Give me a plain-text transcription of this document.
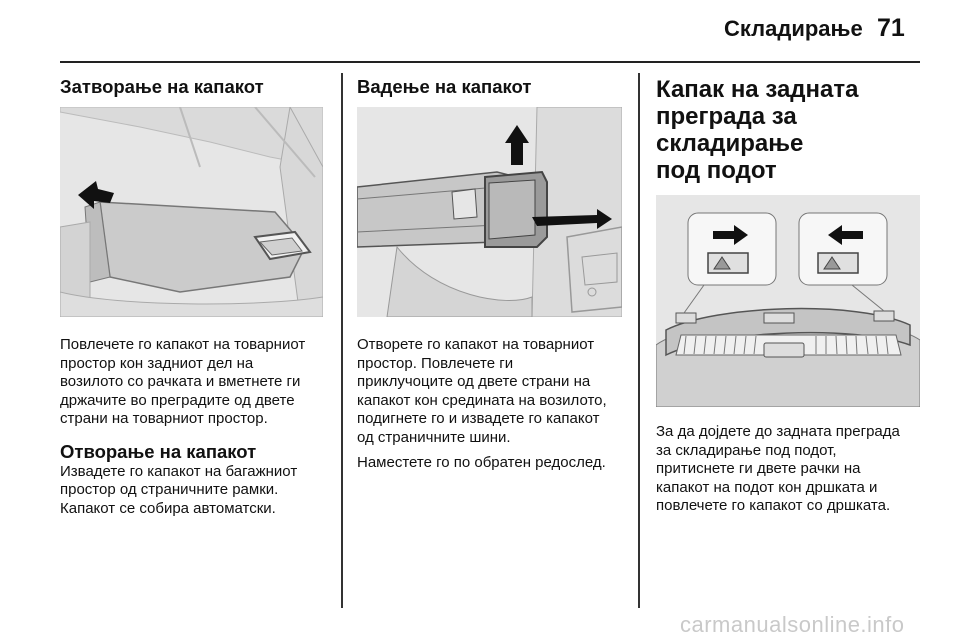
Складирање 71
Затворање на капакот
Повлечете го капакот на товарниот
простор кон задниот дел на
возилото со рачката и вметнете ги
држачите во преградите од двете
страни на товарниот простор.
Отворање на капакот
Извадете го капакот на багажниот
простор од страничните рамки.
Капакот се собира автоматски.
Вадење на капакот
Отворете го капакот на товарниот
простор. Повлечете ги
приклучоците од двете страни на
капакот кон средината на возилото,
подигнете го и извадете го капакот
од страничните шини.
Наместете го по обратен редослед.
Капак на задната
преграда за складирање
под подот
За да дојдете до задната преграда
за складирање под подот,
притиснете ги двете рачки на
капакот на подот кон дршката и
повлечете го капакот со дршката.
carmanualsonline.info
